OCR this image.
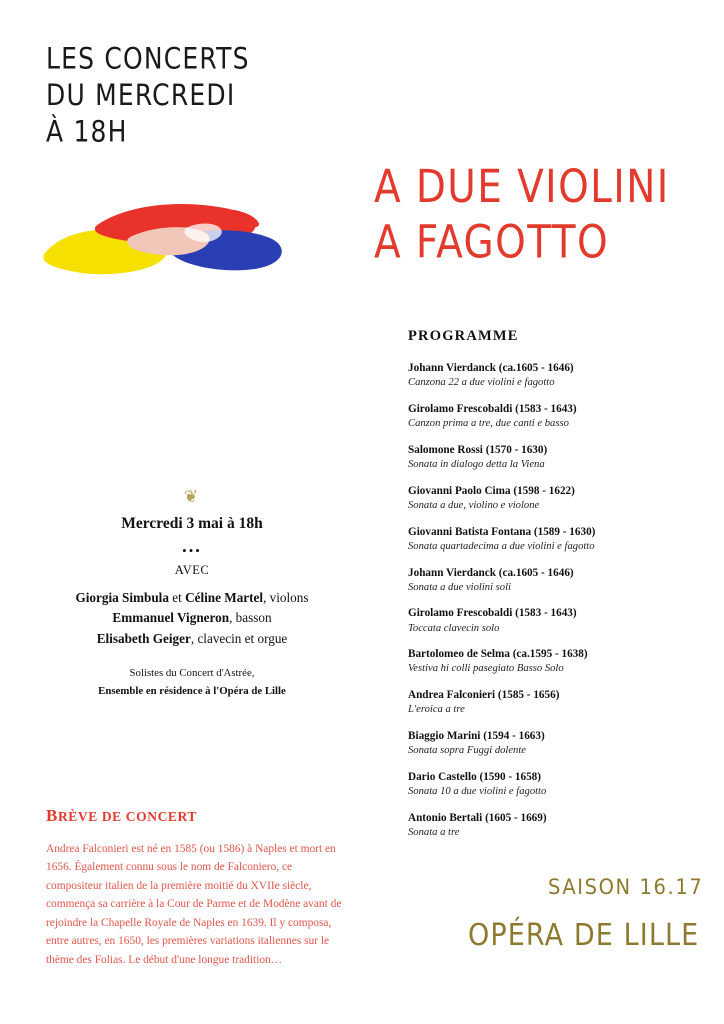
LES CONCERTS
DU MERCREDI
À 18H
A DUE VIOLINI
A FAGOTTO
PROGRAMME
Johann Vierdanck (ca.1605 - 1646)
Canzona 22 a due violini e fagotto
Girolamo Frescobaldi (1583 - 1643)
Canzon prima a tre, due canti e basso
Salomone Rossi (1570 - 1630)
Sonata in dialogo detta la Viena
Giovanni Paolo Cima (1598 - 1622)
Sonata a due, violino e violone
Giovanni Batista Fontana (1589 - 1630)
Sonata quartadecima a due violini e fagotto
Johann Vierdanck (ca.1605 - 1646)
Sonata a due violini soli
Girolamo Frescobaldi (1583 - 1643)
Toccata clavecin solo
Bartolomeo de Selma (ca.1595 - 1638)
Vestiva hi colli pasegiato Basso Solo
Andrea Falconieri (1585 - 1656)
L'eroica a tre
Biaggio Marini (1594 - 1663)
Sonata sopra Fuggi dolente
Dario Castello (1590 - 1658)
Sonata 10 a due violini e fagotto
Antonio Bertali (1605 - 1669)
Sonata a tre
❦
Mercredi 3 mai à 18h
•••
AVEC
Giorgia Simbula et Céline Martel, violons
Emmanuel Vigneron, basson
Elisabeth Geiger, clavecin et orgue
Solistes du Concert d'Astrée,
Ensemble en résidence à l'Opéra de Lille
BRÈVE DE CONCERT
Andrea Falconieri est né en 1585 (ou 1586) à Naples et mort en 1656. Également connu sous le nom de Falconiero, ce compositeur italien de la première moitié du XVIIe siècle, commença sa carrière à la Cour de Parme et de Modène avant de rejoindre la Chapelle Royale de Naples en 1639. Il y composa, entre autres, en 1650, les premières variations italiennes sur le thème des Folias. Le début d'une longue tradition…
SAISON 16.17
OPÉRA DE LILLE
